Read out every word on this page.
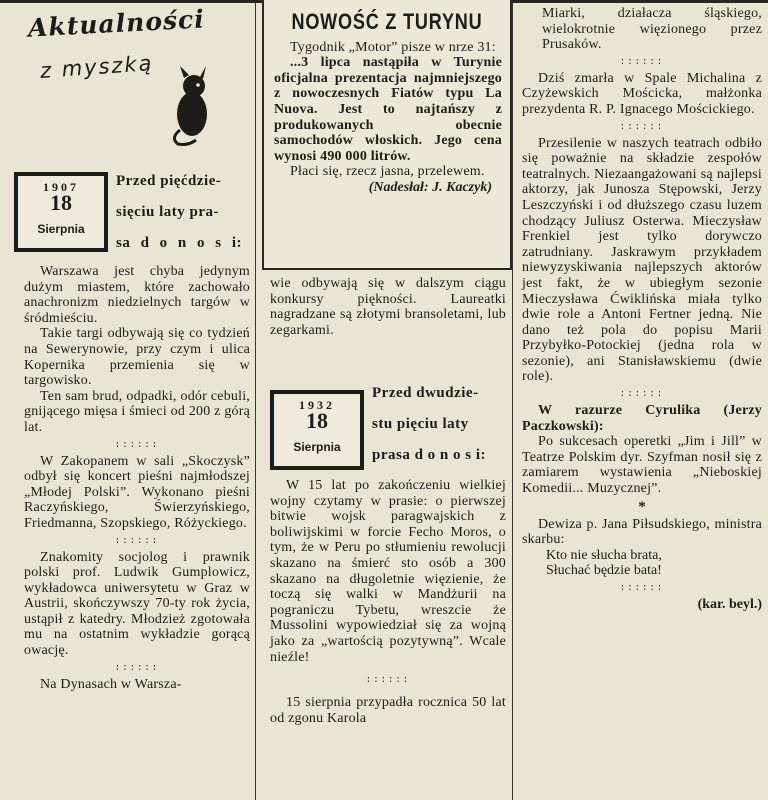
Aktualności
z myszką
1907
18
Sierpnia
Przed pięćdzie-
sięciu laty pra-
sa d o n o s i:

Warszawa jest chyba jedynym dużym miastem, które zachowało anachronizm niedzielnych targów w śródmieściu.

Takie targi odbywają się co tydzień na Sewerynowie, przy czym i ulica Kopernika przemienia się w targowisko.

Ten sam brud, odpadki, odór cebuli, gnijącego mięsa i śmieci od 200 z górą lat.

::::::

W Zakopanem w sali „Skoczysk” odbył się koncert pieśni najmłodszej „Młodej Polski”. Wykonano pieśni Raczyńskiego, Świerzyńskiego, Friedmanna, Szopskiego, Różyckiego.

::::::

Znakomity socjolog i prawnik polski prof. Ludwik Gumplowicz, wykładowca uniwersytetu w Graz w Austrii, skończywszy 70-ty rok życia, ustąpił z katedry. Młodzież zgotowała mu na ostatnim wykładzie gorącą owację.

::::::

Na Dynasach w Warsza-

NOWOŚĆ Z TURYNU

Tygodnik „Motor” pisze w nrze 31:

...3 lipca nastąpiła w Turynie oficjalna prezentacja najmniejszego z nowoczesnych Fiatów typu La Nuova. Jest to najtańszy z produkowanych obecnie samochodów włoskich. Jego cena wynosi 490 000 litrów.

Płaci się, rzecz jasna, przelewem.

(Nadesłał: J. Kaczyk)

wie odbywają się w dalszym ciągu konkursy piękności. Laureatki nagradzane są złotymi bransoletami, lub zegarkami.

1932
18
Sierpnia
Przed dwudzie-
stu pięciu laty
prasa d o n o s i:

W 15 lat po zakończeniu wielkiej wojny czytamy w prasie: o pierwszej bitwie wojsk paragwajskich z boliwijskimi w forcie Fecho Moros, o tym, że w Peru po stłumieniu rewolucji skazano na śmierć sto osób a 300 skazano na długoletnie więzienie, że toczą się walki w Mandżurii na pograniczu Tybetu, wreszcie że Mussolini wypowiedział się za wojną jako za „wartością pozytywną”. Wcale nieźle!

::::::

15 sierpnia przypadła rocznica 50 lat od zgonu Karola

Miarki, działacza śląskiego, wielokrotnie więzionego przez Prusaków.

::::::

Dziś zmarła w Spale Michalina z Czyżewskich Mościcka, małżonka prezydenta R. P. Ignacego Mościckiego.

::::::

Przesilenie w naszych teatrach odbiło się poważnie na składzie zespołów teatralnych. Niezaangażowani są najlepsi aktorzy, jak Junosza Stępowski, Jerzy Leszczyński i od dłuższego czasu luzem chodzący Juliusz Osterwa. Mieczysław Frenkiel jest tylko dorywczo zatrudniany. Jaskrawym przykładem niewyzyskiwania najlepszych aktorów jest fakt, że w ubiegłym sezonie Mieczysława Ćwiklińska miała tylko dwie role a Antoni Fertner jedną. Nie dano też pola do popisu Marii Przybyłko-Potockiej (jedna rola w sezonie), ani Stanisławskiemu (dwie role).

::::::

W razurze Cyrulika (Jerzy Paczkowski):

Po sukcesach operetki „Jim i Jill” w Teatrze Polskim dyr. Szyfman nosił się z zamiarem wystawienia „Nieboskiej Komedii... Muzycznej”.

*

Dewiza p. Jana Piłsudskiego, ministra skarbu:

Kto nie słucha brata,
Słuchać będzie bata!
::::::
(kar. beyl.)
